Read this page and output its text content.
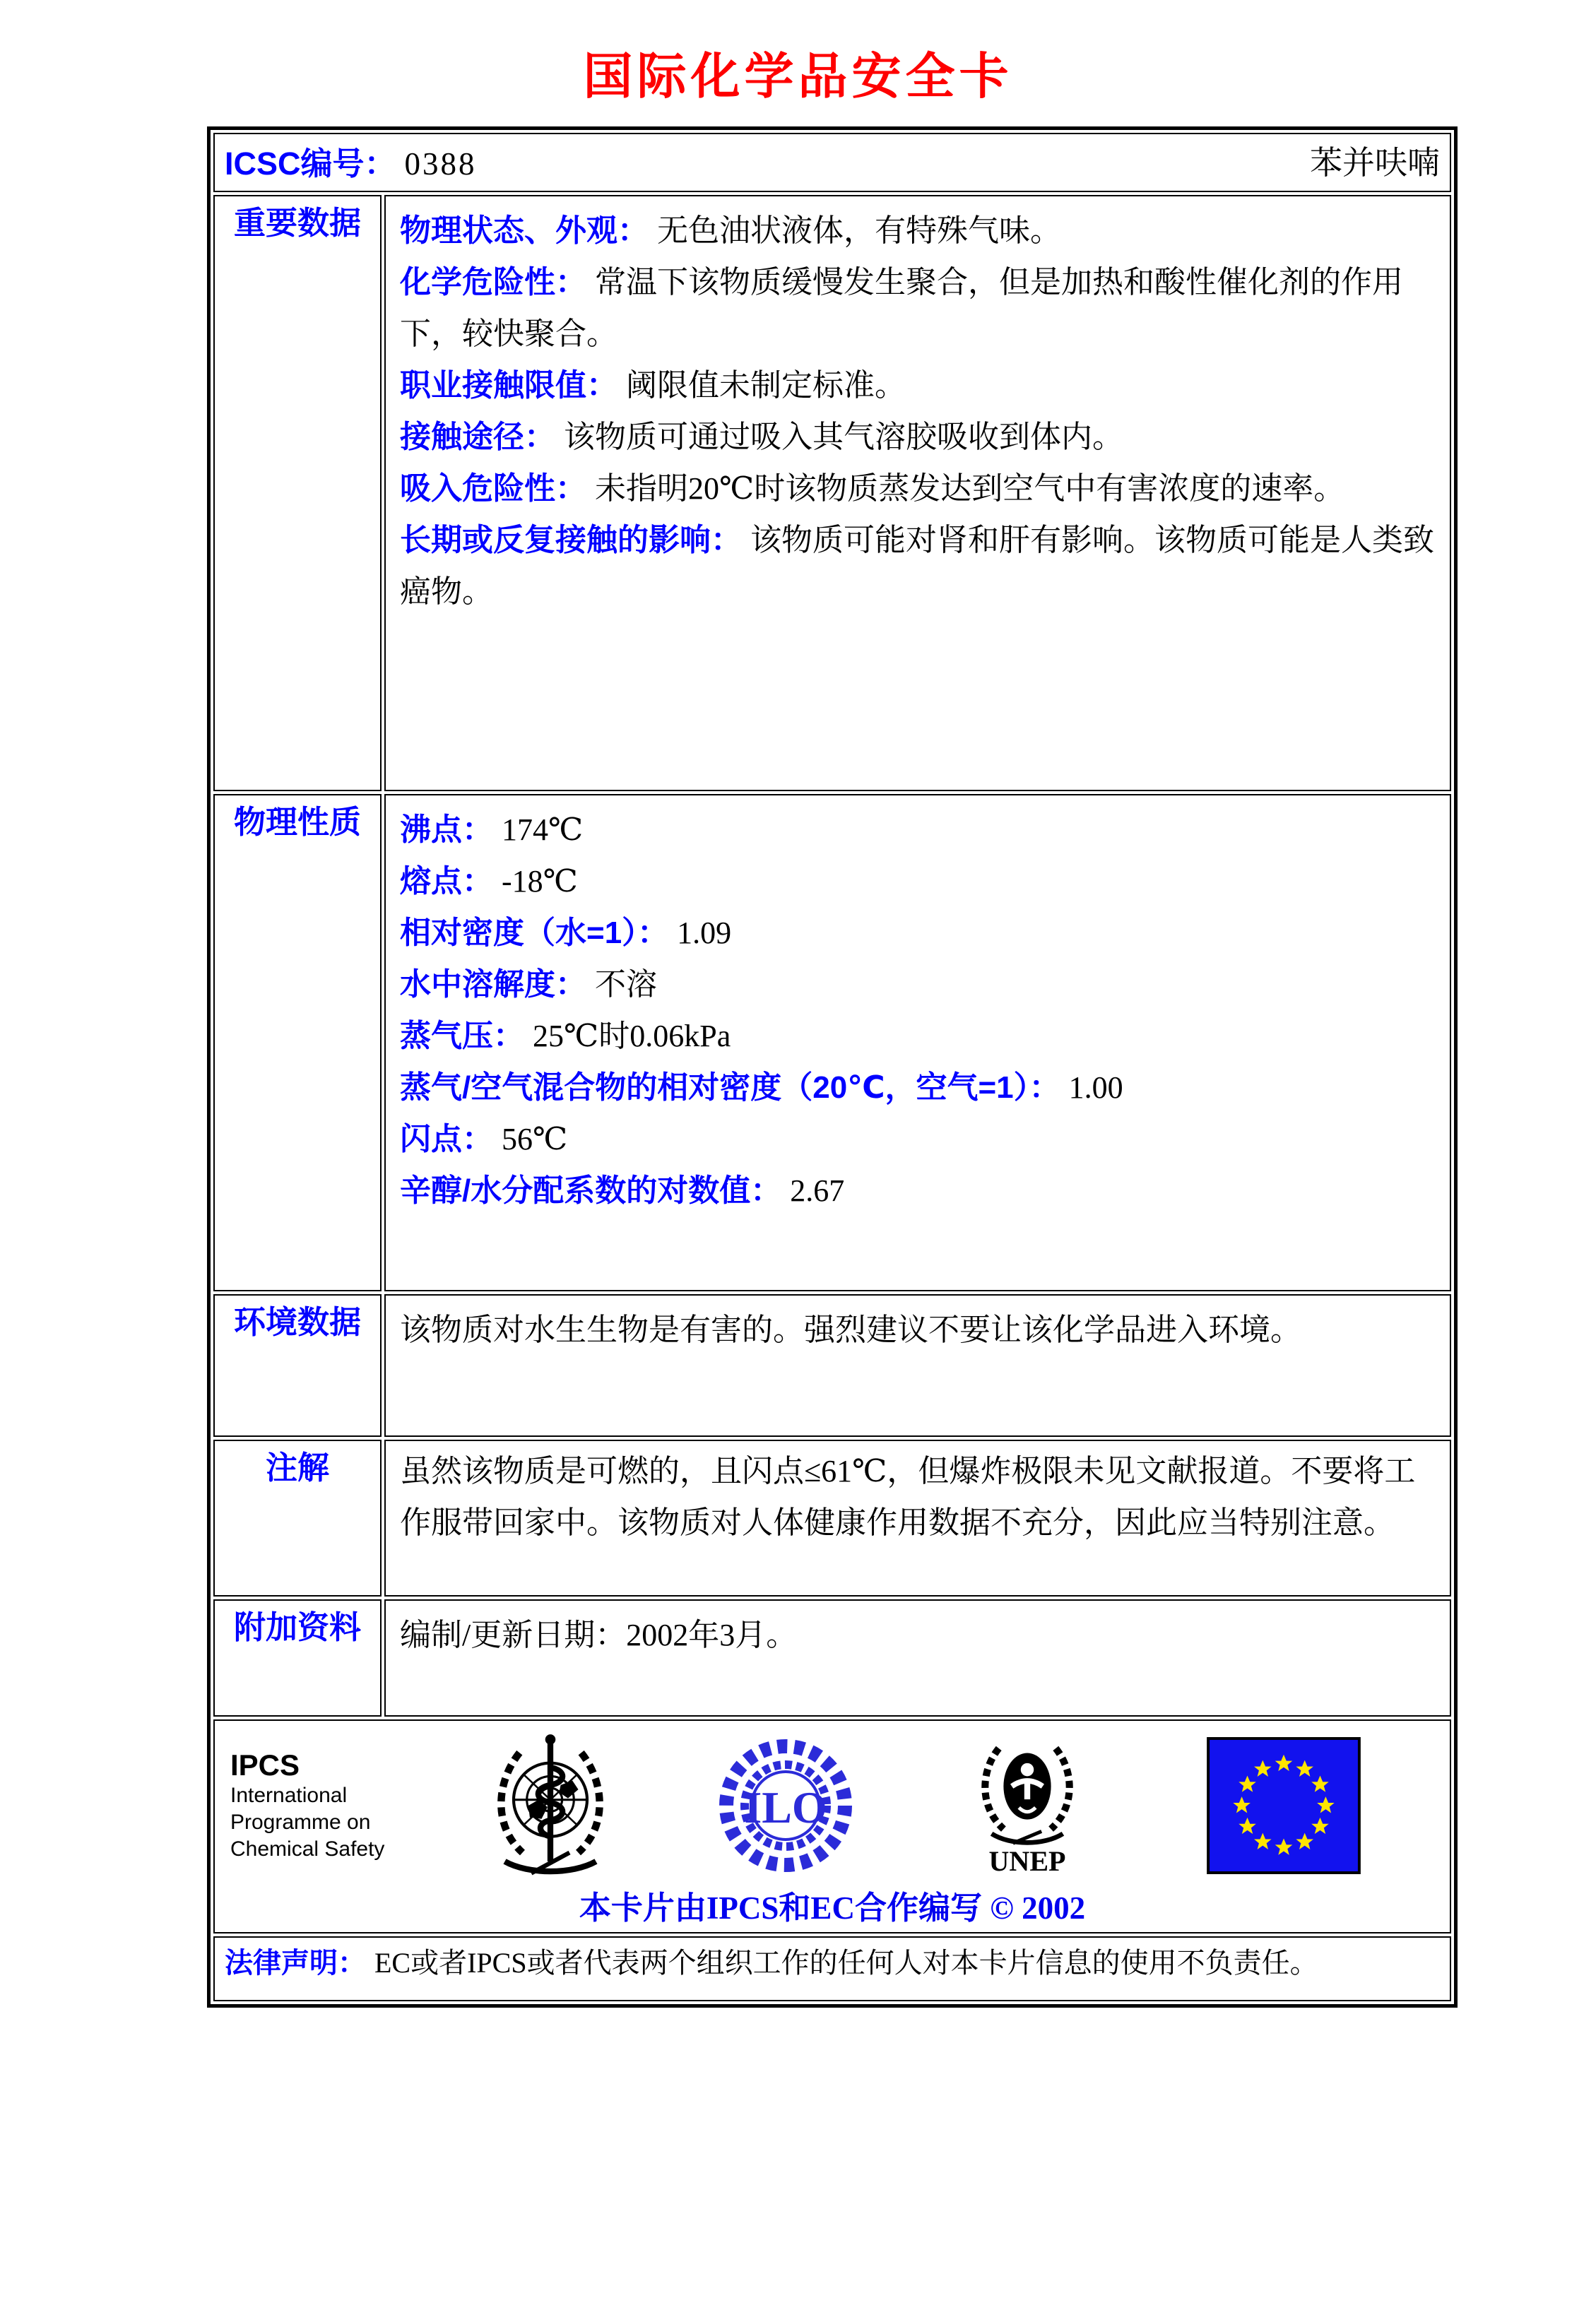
国际化学品安全卡
ICSC编号： 0388 苯并呋喃	

重要数据	物理状态、外观： 无色油状液体，有特殊气味。
化学危险性： 常温下该物质缓慢发生聚合，但是加热和酸性催化剂的作用下，较快聚合。
职业接触限值： 阈限值未制定标准。
接触途径： 该物质可通过吸入其气溶胶吸收到体内。
吸入危险性： 未指明20℃时该物质蒸发达到空气中有害浓度的速率。
长期或反复接触的影响： 该物质可能对肾和肝有影响。该物质可能是人类致癌物。

物理性质	沸点： 174℃
熔点： -18℃
相对密度（水=1）： 1.09
水中溶解度： 不溶
蒸气压： 25℃时0.06kPa
蒸气/空气混合物的相对密度（20℃，空气=1）： 1.00
闪点： 56℃
辛醇/水分配系数的对数值： 2.67

环境数据	该物质对水生生物是有害的。强烈建议不要让该化学品进入环境。
注解	虽然该物质是可燃的，且闪点≤61℃，但爆炸极限未见文献报道。不要将工作服带回家中。该物质对人体健康作用数据不充分，因此应当特别注意。
附加资料	编制/更新日期：2002年3月。

IPCS
International
Programme on
Chemical Safety
ILO
UNEP
本卡片由IPCS和EC合作编写 © 2002

法律声明： EC或者IPCS或者代表两个组织工作的任何人对本卡片信息的使用不负责任。	
